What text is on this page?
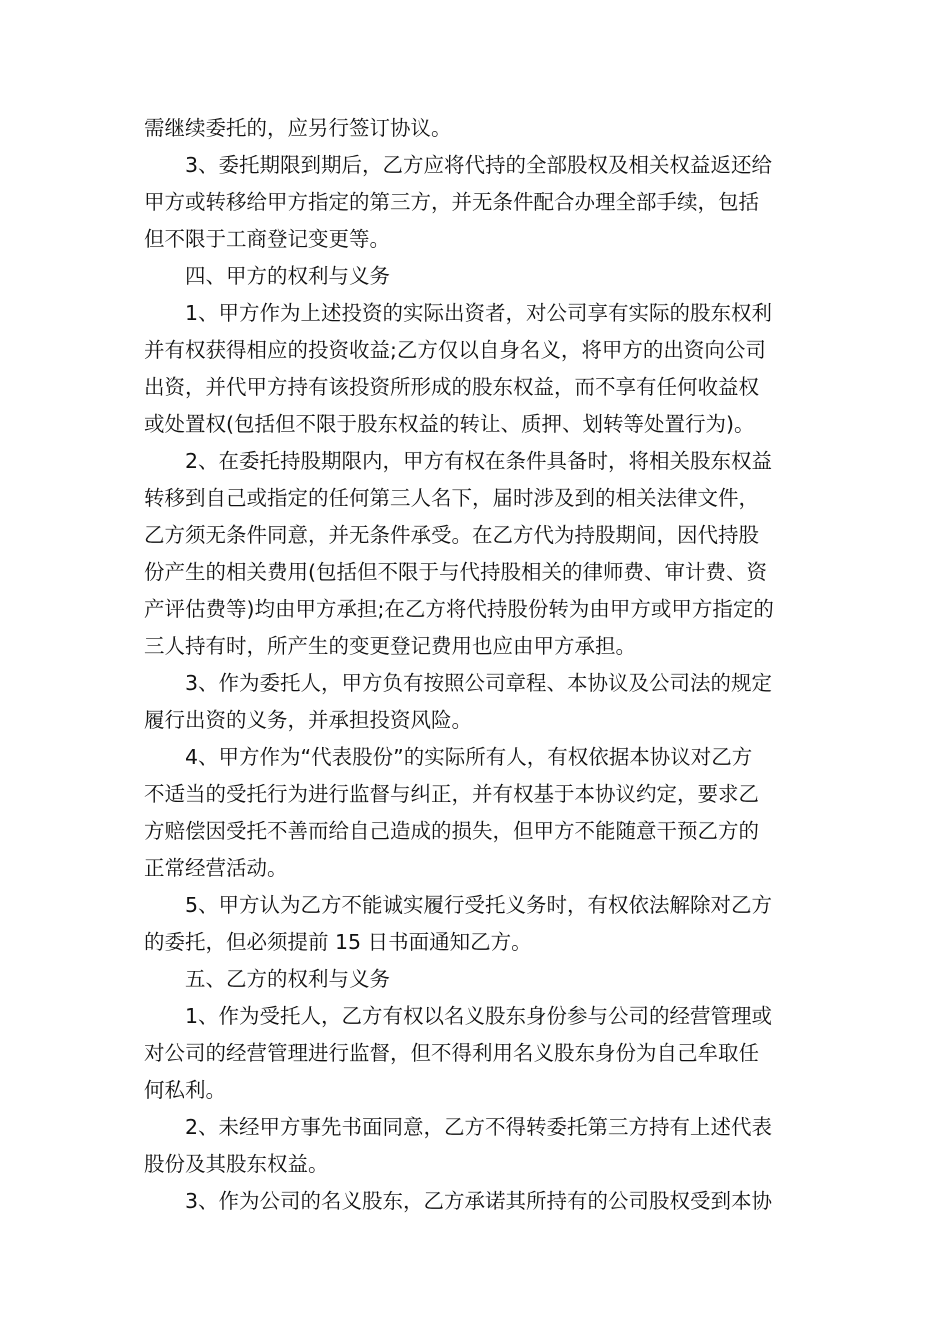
需继续委托的，应另行签订协议。

　　3、委托期限到期后，乙方应将代持的全部股权及相关权益返还给

甲方或转移给甲方指定的第三方，并无条件配合办理全部手续，包括

但不限于工商登记变更等。

　　四、甲方的权利与义务

　　1、甲方作为上述投资的实际出资者，对公司享有实际的股东权利

并有权获得相应的投资收益;乙方仅以自身名义，将甲方的出资向公司

出资，并代甲方持有该投资所形成的股东权益，而不享有任何收益权

或处置权(包括但不限于股东权益的转让、质押、划转等处置行为)。

　　2、在委托持股期限内，甲方有权在条件具备时，将相关股东权益

转移到自己或指定的任何第三人名下，届时涉及到的相关法律文件，

乙方须无条件同意，并无条件承受。在乙方代为持股期间，因代持股

份产生的相关费用(包括但不限于与代持股相关的律师费、审计费、资

产评估费等)均由甲方承担;在乙方将代持股份转为由甲方或甲方指定的

三人持有时，所产生的变更登记费用也应由甲方承担。

　　3、作为委托人，甲方负有按照公司章程、本协议及公司法的规定

履行出资的义务，并承担投资风险。

　　4、甲方作为“代表股份”的实际所有人，有权依据本协议对乙方

不适当的受托行为进行监督与纠正，并有权基于本协议约定，要求乙

方赔偿因受托不善而给自己造成的损失，但甲方不能随意干预乙方的

正常经营活动。

　　5、甲方认为乙方不能诚实履行受托义务时，有权依法解除对乙方

的委托，但必须提前 15 日书面通知乙方。

　　五、乙方的权利与义务

　　1、作为受托人，乙方有权以名义股东身份参与公司的经营管理或

对公司的经营管理进行监督，但不得利用名义股东身份为自己牟取任

何私利。

　　2、未经甲方事先书面同意，乙方不得转委托第三方持有上述代表

股份及其股东权益。

　　3、作为公司的名义股东，乙方承诺其所持有的公司股权受到本协
